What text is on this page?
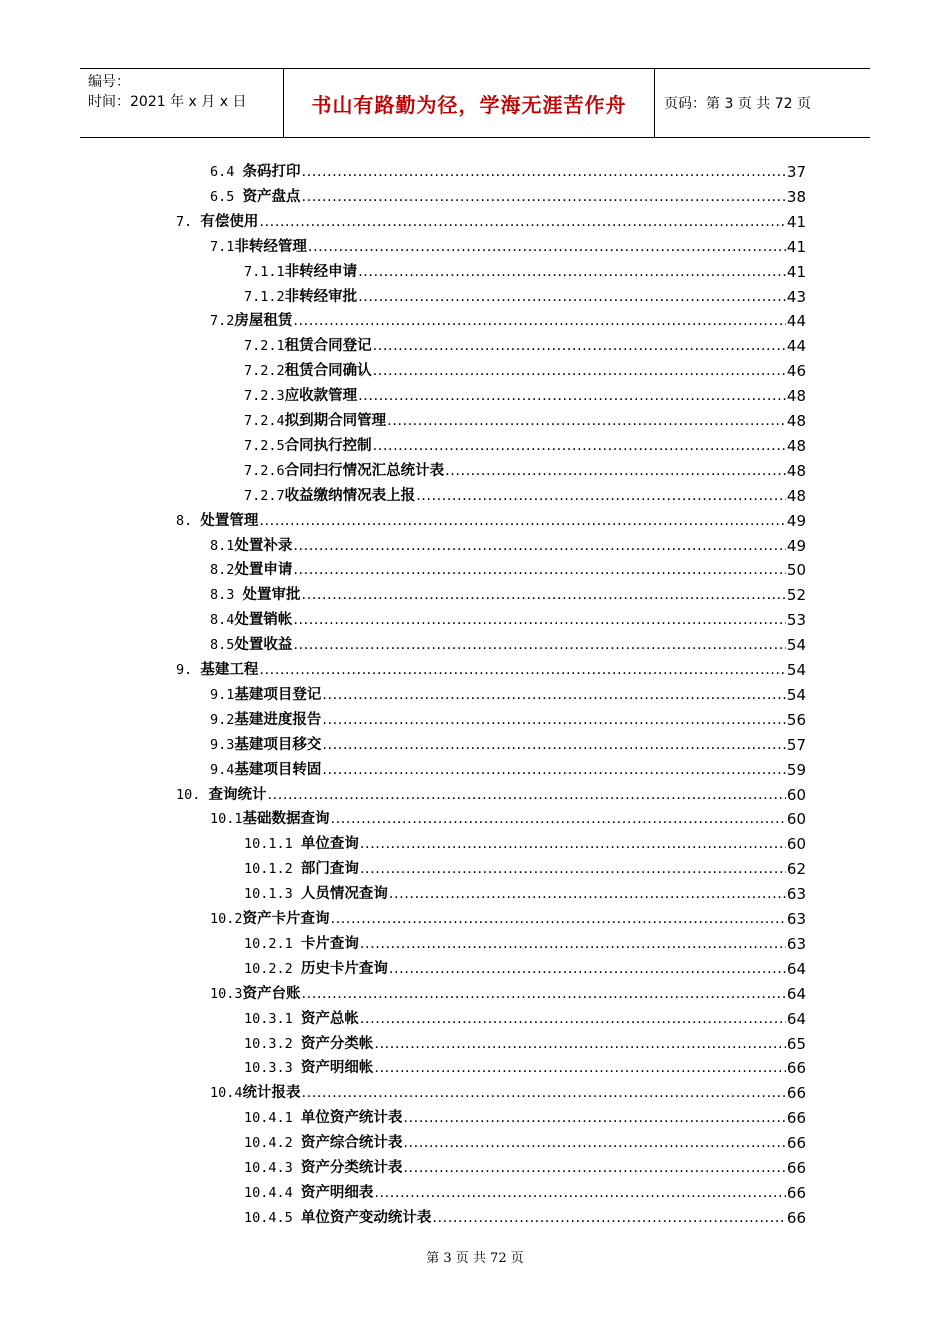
编号：
时间：2021 年 x 月 x 日	书山有路勤为径，学海无涯苦作舟	页码：第 3 页 共 72 页
6.4 条码打印 .....	37
6.5 资产盘点 .....	38
7. 有偿使用 .....	41
7.1 非转经管理 .....	41
7.1.1 非转经申请 .....	41
7.1.2 非转经审批 .....	43
7.2 房屋租赁 .....	44
7.2.1 租赁合同登记 .....	44
7.2.2 租赁合同确认 .....	46
7.2.3 应收款管理 .....	48
7.2.4 拟到期合同管理 .....	48
7.2.5 合同执行控制 .....	48
7.2.6 合同扫行情况汇总统计表 .....	48
7.2.7 收益缴纳情况表上报 .....	48
8. 处置管理 .....	49
8.1 处置补录 .....	49
8.2 处置申请 .....	50
8.3 处置审批 .....	52
8.4 处置销帐 .....	53
8.5 处置收益 .....	54
9. 基建工程 .....	54
9.1 基建项目登记 .....	54
9.2 基建进度报告 .....	56
9.3 基建项目移交 .....	57
9.4 基建项目转固 .....	59
10. 查询统计 .....	60
10.1 基础数据查询 .....	60
10.1.1 单位查询 .....	60
10.1.2 部门查询 .....	62
10.1.3 人员情况查询 .....	63
10.2 资产卡片查询 .....	63
10.2.1 卡片查询 .....	63
10.2.2 历史卡片查询 .....	64
10.3 资产台账 .....	64
10.3.1 资产总帐 .....	64
10.3.2 资产分类帐 .....	65
10.3.3 资产明细帐 .....	66
10.4 统计报表 .....	66
10.4.1 单位资产统计表 .....	66
10.4.2 资产综合统计表 .....	66
10.4.3 资产分类统计表 .....	66
10.4.4 资产明细表 .....	66
10.4.5 单位资产变动统计表 .....	66
第 3 页 共 72 页
